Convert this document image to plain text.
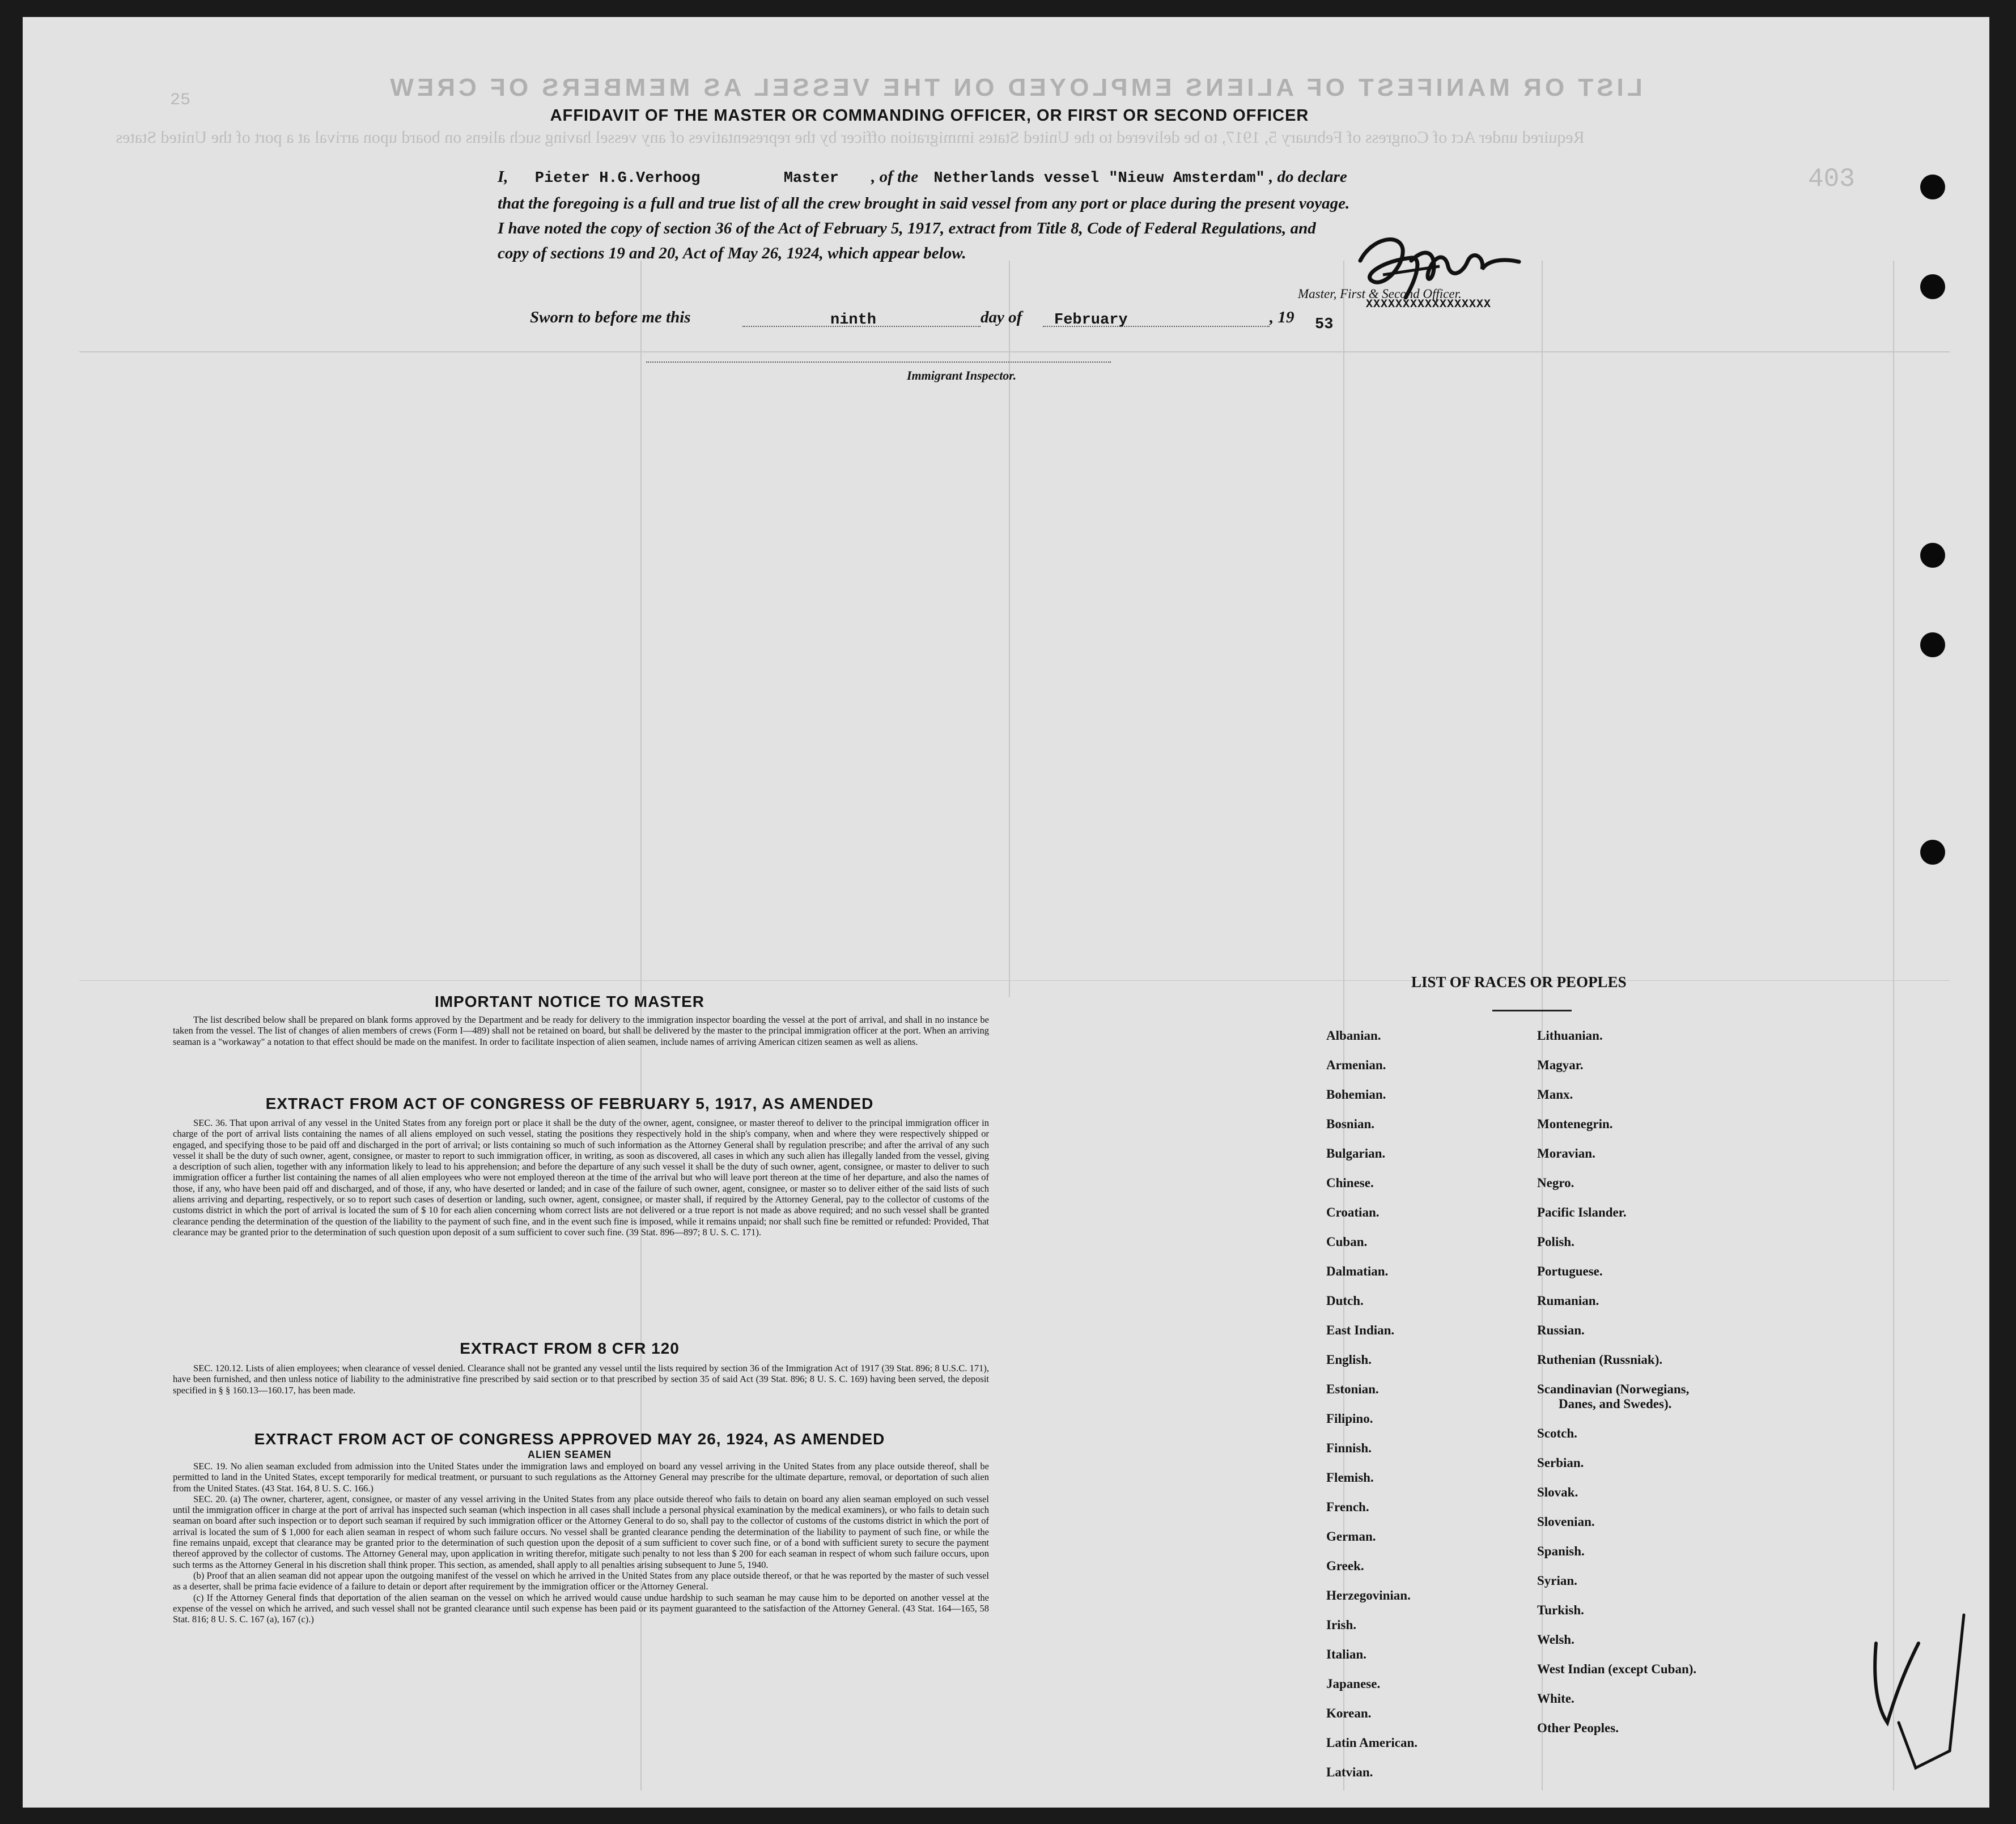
LIST OR MANIFEST OF ALIENS EMPLOYED ON THE VESSEL AS MEMBERS OF CREW
Required under Act of Congress of February 5, 1917, to be delivered to the United States immigration officer by the representatives of any vessel having such aliens on board upon arrival at a port of the United States
25
403
AFFIDAVIT OF THE MASTER OR COMMANDING OFFICER, OR FIRST OR SECOND OFFICER
I, Pieter H.G.Verhoog	Master , of the Netherlands vessel "Nieuw Amsterdam" , do declare
that the foregoing is a full and true list of all the crew brought in said vessel from any port or place during the present voyage.
I have noted the copy of section 36 of the Act of February 5, 1917, extract from Title 8, Code of Federal Regulations, and
copy of sections 19 and 20, Act of May 26, 1924, which appear below.
Master, First & Second Officer.
XXXXXXXXXXXXXXXXX
Sworn to before me this	ninth	day of February	, 19 53
Immigrant Inspector.
IMPORTANT NOTICE TO MASTER

The list described below shall be prepared on blank forms approved by the Department and be ready for delivery to the immigration inspector boarding the vessel at the port of arrival, and shall in no instance be taken from the vessel. The list of changes of alien members of crews (Form I—489) shall not be retained on board, but shall be delivered by the master to the principal immigration officer at the port. When an arriving seaman is a "workaway" a notation to that effect should be made on the manifest. In order to facilitate inspection of alien seamen, include names of arriving American citizen seamen as well as aliens.

EXTRACT FROM ACT OF CONGRESS OF FEBRUARY 5, 1917, AS AMENDED

SEC. 36. That upon arrival of any vessel in the United States from any foreign port or place it shall be the duty of the owner, agent, consignee, or master thereof to deliver to the principal immigration officer in charge of the port of arrival lists containing the names of all aliens employed on such vessel, stating the positions they respectively hold in the ship's company, when and where they were respectively shipped or engaged, and specifying those to be paid off and discharged in the port of arrival; or lists containing so much of such information as the Attorney General shall by regulation prescribe; and after the arrival of any such vessel it shall be the duty of such owner, agent, consignee, or master to report to such immigration officer, in writing, as soon as discovered, all cases in which any such alien has illegally landed from the vessel, giving a description of such alien, together with any information likely to lead to his apprehension; and before the departure of any such vessel it shall be the duty of such owner, agent, consignee, or master to deliver to such immigration officer a further list containing the names of all alien employees who were not employed thereon at the time of the arrival but who will leave port thereon at the time of her departure, and also the names of those, if any, who have been paid off and discharged, and of those, if any, who have deserted or landed; and in case of the failure of such owner, agent, consignee, or master so to deliver either of the said lists of such aliens arriving and departing, respectively, or so to report such cases of desertion or landing, such owner, agent, consignee, or master shall, if required by the Attorney General, pay to the collector of customs of the customs district in which the port of arrival is located the sum of $ 10 for each alien concerning whom correct lists are not delivered or a true report is not made as above required; and no such vessel shall be granted clearance pending the determination of the question of the liability to the payment of such fine, and in the event such fine is imposed, while it remains unpaid; nor shall such fine be remitted or refunded: Provided, That clearance may be granted prior to the determination of such question upon deposit of a sum sufficient to cover such fine. (39 Stat. 896—897; 8 U. S. C. 171).

EXTRACT FROM 8 CFR 120

SEC. 120.12. Lists of alien employees; when clearance of vessel denied. Clearance shall not be granted any vessel until the lists required by section 36 of the Immigration Act of 1917 (39 Stat. 896; 8 U.S.C. 171), have been furnished, and then unless notice of liability to the administrative fine prescribed by said section or to that prescribed by section 35 of said Act (39 Stat. 896; 8 U. S. C. 169) having been served, the deposit specified in § § 160.13—160.17, has been made.

EXTRACT FROM ACT OF CONGRESS APPROVED MAY 26, 1924, AS AMENDED
ALIEN SEAMEN

SEC. 19. No alien seaman excluded from admission into the United States under the immigration laws and employed on board any vessel arriving in the United States from any place outside thereof, shall be permitted to land in the United States, except temporarily for medical treatment, or pursuant to such regulations as the Attorney General may prescribe for the ultimate departure, removal, or deportation of such alien from the United States. (43 Stat. 164, 8 U. S. C. 166.)

SEC. 20. (a) The owner, charterer, agent, consignee, or master of any vessel arriving in the United States from any place outside thereof who fails to detain on board any alien seaman employed on such vessel until the immigration officer in charge at the port of arrival has inspected such seaman (which inspection in all cases shall include a personal physical examination by the medical examiners), or who fails to detain such seaman on board after such inspection or to deport such seaman if required by such immigration officer or the Attorney General to do so, shall pay to the collector of customs of the customs district in which the port of arrival is located the sum of $ 1,000 for each alien seaman in respect of whom such failure occurs. No vessel shall be granted clearance pending the determination of the liability to payment of such fine, or while the fine remains unpaid, except that clearance may be granted prior to the determination of such question upon the deposit of a sum sufficient to cover such fine, or of a bond with sufficient surety to secure the payment thereof approved by the collector of customs. The Attorney General may, upon application in writing therefor, mitigate such penalty to not less than $ 200 for each seaman in respect of whom such failure occurs, upon such terms as the Attorney General in his discretion shall think proper. This section, as amended, shall apply to all penalties arising subsequent to June 5, 1940.

(b) Proof that an alien seaman did not appear upon the outgoing manifest of the vessel on which he arrived in the United States from any place outside thereof, or that he was reported by the master of such vessel as a deserter, shall be prima facie evidence of a failure to detain or deport after requirement by the immigration officer or the Attorney General.

(c) If the Attorney General finds that deportation of the alien seaman on the vessel on which he arrived would cause undue hardship to such seaman he may cause him to be deported on another vessel at the expense of the vessel on which he arrived, and such vessel shall not be granted clearance until such expense has been paid or its payment guaranteed to the satisfaction of the Attorney General. (43 Stat. 164—165, 58 Stat. 816; 8 U. S. C. 167 (a), 167 (c).)

LIST OF RACES OR PEOPLES
Albanian.
Armenian.
Bohemian.
Bosnian.
Bulgarian.
Chinese.
Croatian.
Cuban.
Dalmatian.
Dutch.
East Indian.
English.
Estonian.
Filipino.
Finnish.
Flemish.
French.
German.
Greek.
Herzegovinian.
Irish.
Italian.
Japanese.
Korean.
Latin American.
Latvian.
Lithuanian.
Magyar.
Manx.
Montenegrin.
Moravian.
Negro.
Pacific Islander.
Polish.
Portuguese.
Rumanian.
Russian.
Ruthenian (Russniak).
Scandinavian (Norwegians,
Danes, and Swedes).
Scotch.
Serbian.
Slovak.
Slovenian.
Spanish.
Syrian.
Turkish.
Welsh.
West Indian (except Cuban).
White.
Other Peoples.
